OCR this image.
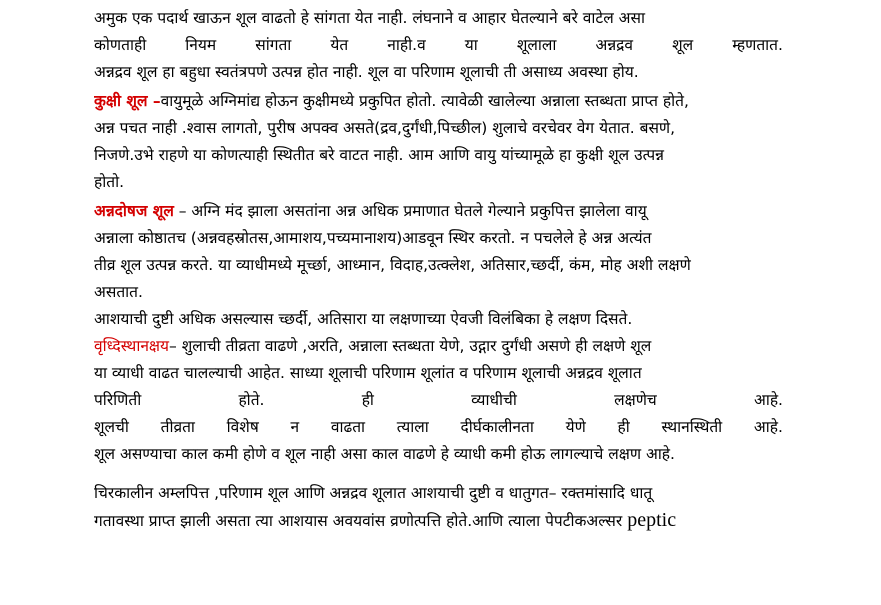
अमुक एक पदार्थ खाऊन शूल वाढतो हे सांगता येत नाही. लंघनाने व आहार घेतल्याने बरे वाटेल असा
कोणताही	नियम	सांगता	येत	नाही.व	या	शूलाला	अन्नद्रव	शूल	म्हणतात.
अन्नद्रव शूल हा बहुधा स्वतंत्रपणे उत्पन्न होत नाही. शूल वा परिणाम शूलाची ती असाध्य अवस्था होय.
कुक्षी शूल –वायुमूळे अग्निमांद्य होऊन कुक्षीमध्ये प्रकुपित होतो. त्यावेळी खालेल्या अन्नाला स्तब्धता प्राप्त होते,
अन्न पचत नाही .श्वास लागतो, पुरीष अपक्व असते(द्रव,दुर्गंधी,पिच्छील) शुलाचे वरचेवर वेग येतात. बसणे,
निजणे.उभे राहणे या कोणत्याही स्थितीत बरे वाटत नाही. आम आणि वायु यांच्यामूळे हा कुक्षी शूल उत्पन्न
होतो.
अन्नदोषज शूल – अग्नि मंद झाला असतांना अन्न अधिक प्रमाणात घेतले गेल्याने प्रकुपित्त झालेला वायू
अन्नाला कोष्ठातच (अन्नवहस्रोतस,आमाशय,पच्यमानाशय)आडवून स्थिर करतो. न पचलेले हे अन्न अत्यंत
तीव्र शूल उत्पन्न करते. या व्याधीमध्ये मूर्च्छा, आध्मान, विदाह,उत्क्लेश, अतिसार,च्छर्दी, कंम, मोह अशी लक्षणे
असतात.
आशयाची दुष्टी अधिक असल्यास च्छर्दी, अतिसारा या लक्षणाच्या ऐवजी विलंबिका हे लक्षण दिसते.
वृध्दिस्थानक्षय– शुलाची तीव्रता वाढणे ,अरति, अन्नाला स्तब्धता येणे, उद्गार दुर्गंधी असणे ही लक्षणे शूल
या व्याधी वाढत चालल्याची आहेत. साध्या शूलाची परिणाम शूलांत व परिणाम शूलाची अन्नद्रव शूलात
परिणिती	होते.	ही	व्याधीची	लक्षणेच	आहे.
शूलची तीव्रता विशेष न वाढता त्याला दीर्घकालीनता येणे ही स्थानस्थिती आहे.
शूल असण्याचा काल कमी होणे व शूल नाही असा काल वाढणे हे व्याधी कमी होऊ लागल्याचे लक्षण आहे.
चिरकालीन अम्लपित्त ,परिणाम शूल आणि अन्नद्रव शूलात आशयाची दुष्टी व धातुगत– रक्तमांसादि धातू
गतावस्था प्राप्त झाली असता त्या आशयास अवयवांस व्रणोत्पत्ति होते.आणि त्याला पेपटीकअल्सर peptic
